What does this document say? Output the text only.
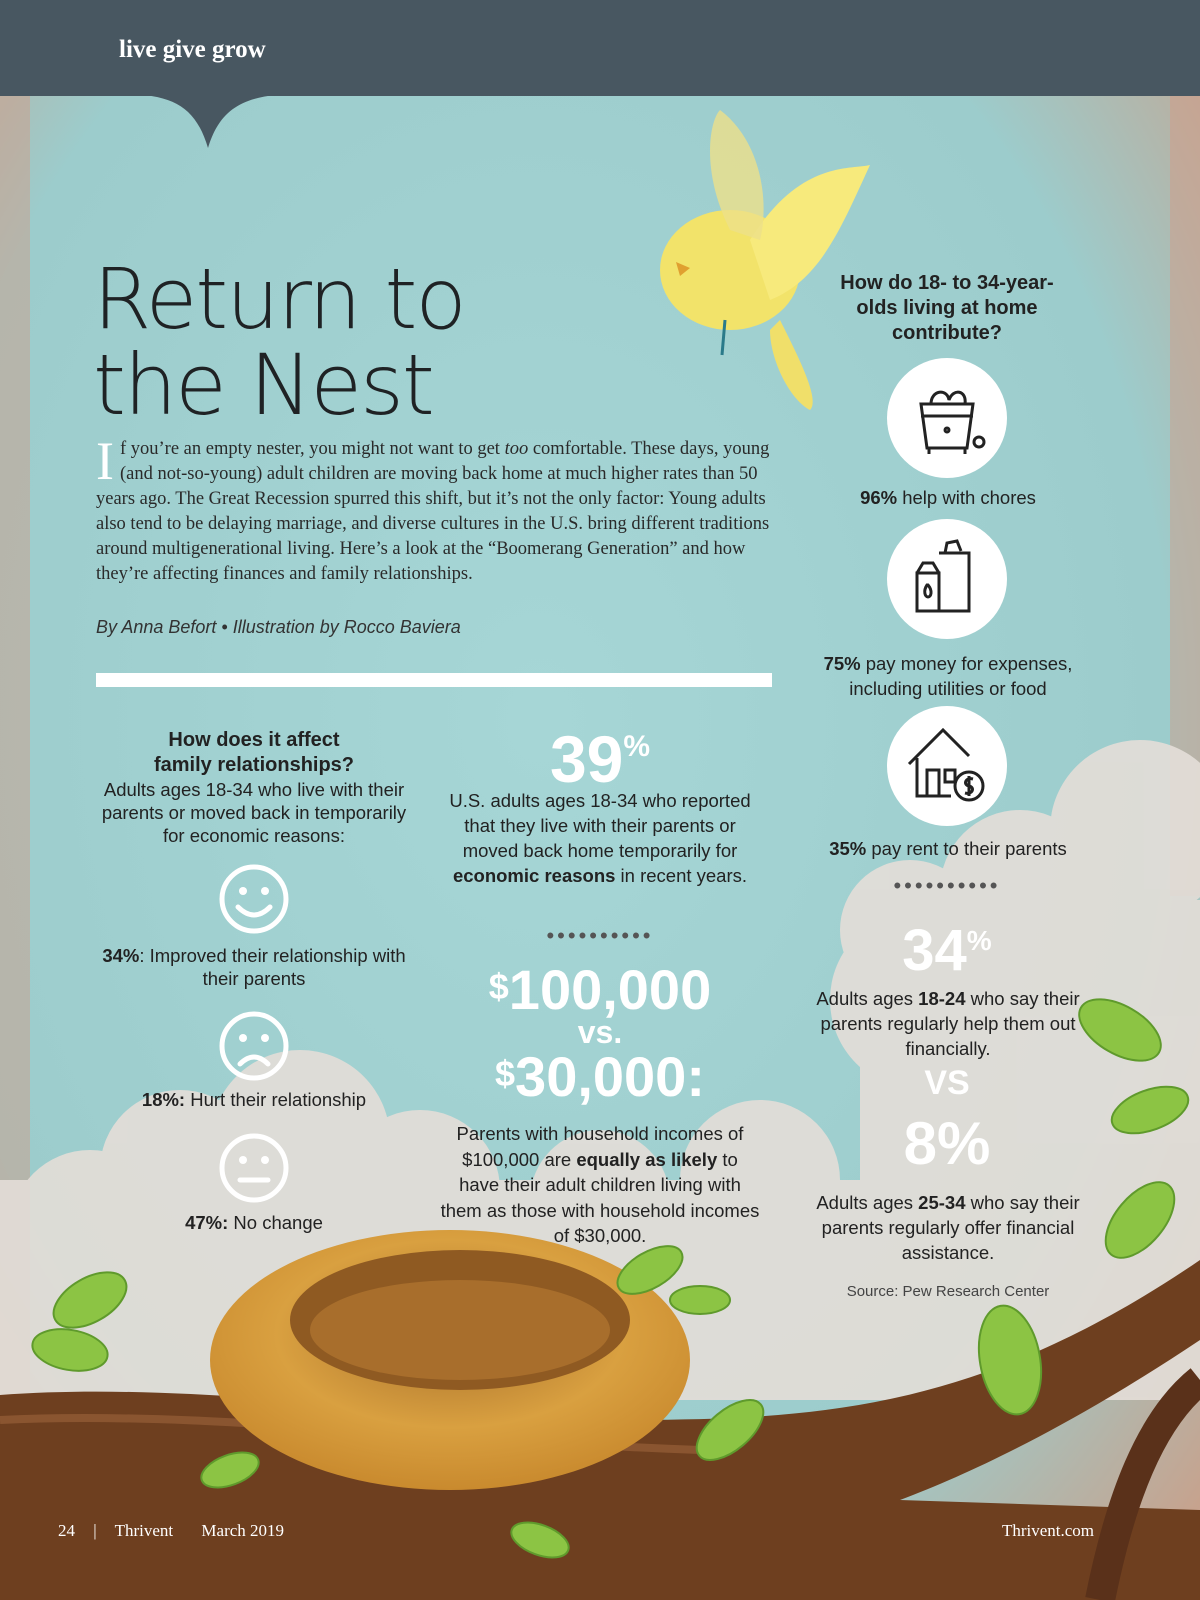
live give grow
Return to
the Nest
I f you’re an empty nester, you might not want to get too comfortable. These days, young (and not-so-young) adult children are moving back home at much higher rates than 50 years ago. The Great Recession spurred this shift, but it’s not the only factor: Young adults also tend to be delaying marriage, and diverse cultures in the U.S. bring different traditions around multigenerational living. Here’s a look at the “Boomerang Generation” and how they’re affecting finances and family relationships.
By Anna Befort • Illustration by Rocco Baviera
How does it affect family relationships?
Adults ages 18-34 who live with their parents or moved back in temporarily for economic reasons:
34%: Improved their relationship with their parents
18%: Hurt their relationship
47%: No change
39%
U.S. adults ages 18-34 who reported that they live with their parents or moved back home temporarily for economic reasons in recent years.
••••••••••
$100,000
vs.
$30,000:
Parents with household incomes of $100,000 are equally as likely to have their adult children living with them as those with household incomes of $30,000.
How do 18- to 34-year-olds living at home contribute?
96% help with chores
75% pay money for expenses, including utilities or food
35% pay rent to their parents
••••••••••
34%
Adults ages 18-24 who say their parents regularly help them out financially.
VS
8%
Adults ages 25-34 who say their parents regularly offer financial assistance.
Source: Pew Research Center
24 | Thrivent March 2019	Thrivent.com
